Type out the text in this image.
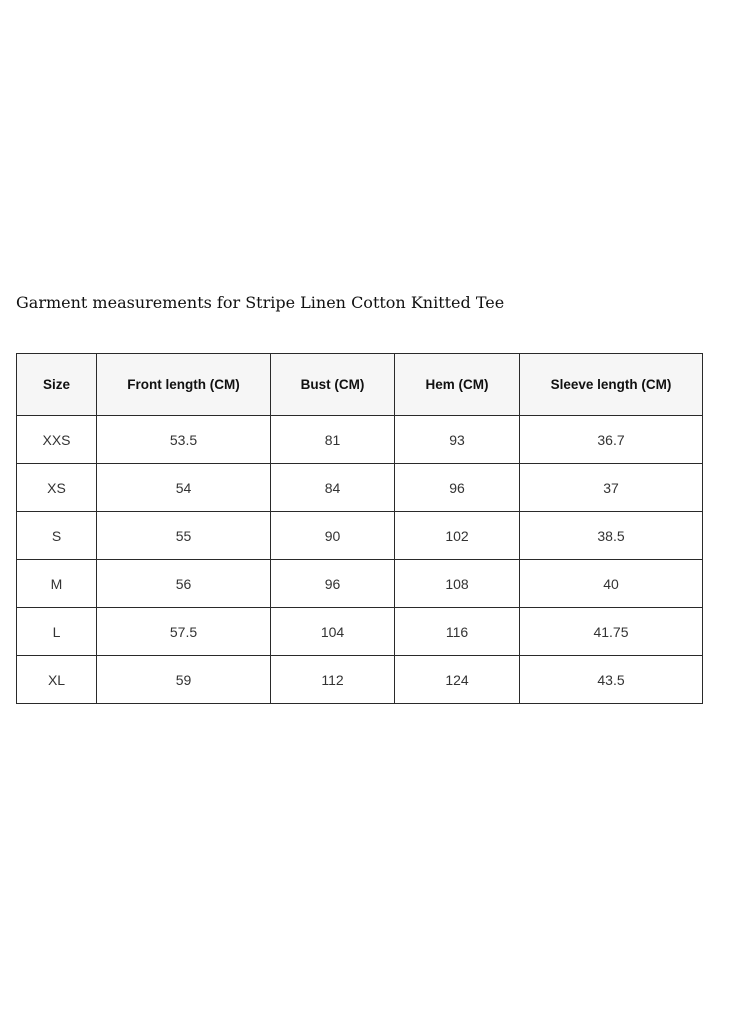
Garment measurements for Stripe Linen Cotton Knitted Tee
Size	Front length (CM)	Bust (CM)	Hem (CM)	Sleeve length (CM)
XXS	53.5	81	93	36.7
XS	54	84	96	37
S	55	90	102	38.5
M	56	96	108	40
L	57.5	104	116	41.75
XL	59	112	124	43.5
